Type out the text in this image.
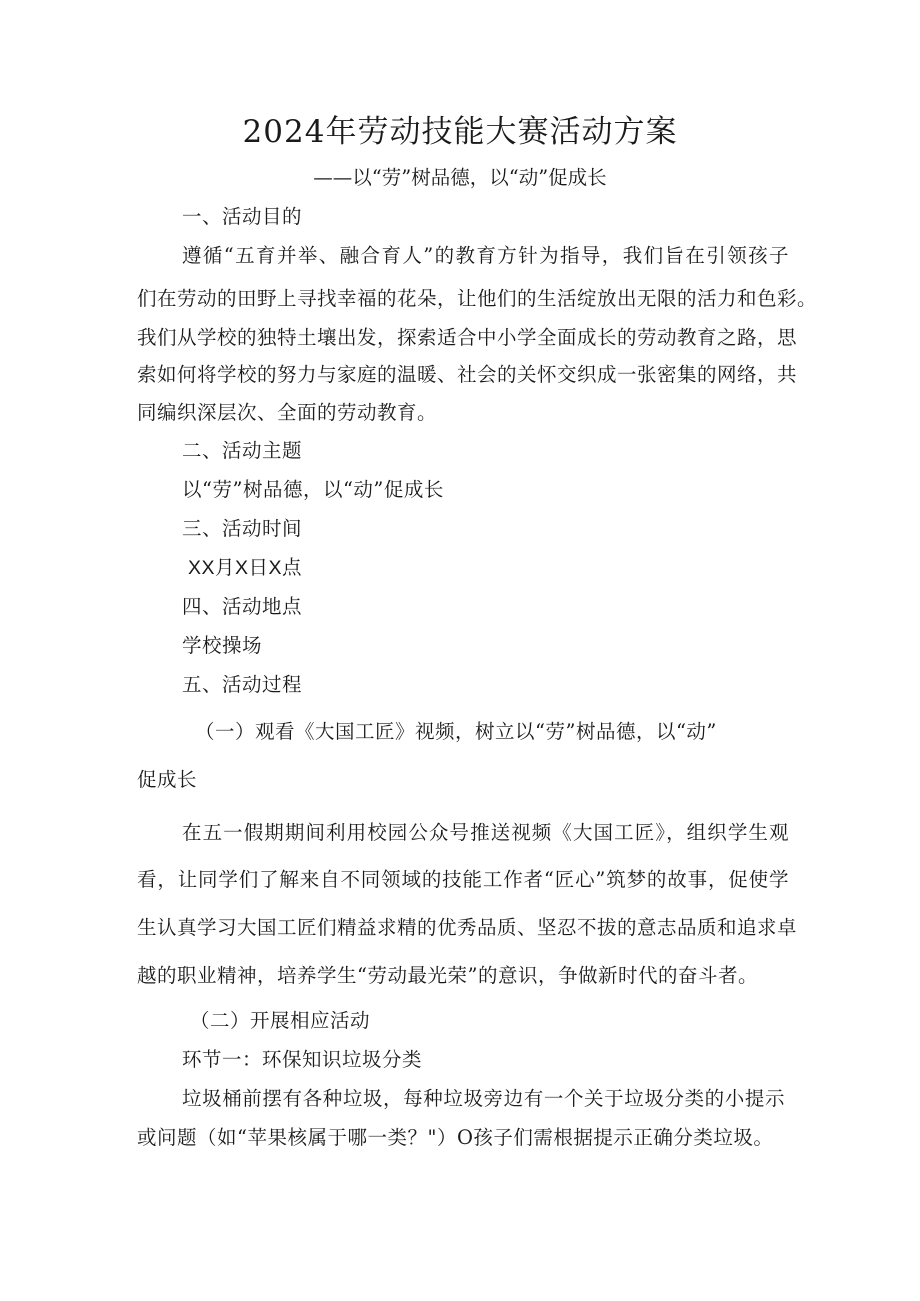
2024年劳动技能大赛活动方案
——以“劳”树品德，以“动”促成长
一、活动目的
遵循“五育并举、融合育人”的教育方针为指导，我们旨在引领孩子
们在劳动的田野上寻找幸福的花朵，让他们的生活绽放出无限的活力和色彩。
我们从学校的独特土壤出发，探索适合中小学全面成长的劳动教育之路，思
索如何将学校的努力与家庭的温暖、社会的关怀交织成一张密集的网络，共
同编织深层次、全面的劳动教育。
二、活动主题
以“劳”树品德，以“动”促成长
三、活动时间
XX月X日X点
四、活动地点
学校操场
五、活动过程
（一）观看《大国工匠》视频，树立以“劳”树品德，以“动”
促成长
在五一假期期间利用校园公众号推送视频《大国工匠》，组织学生观
看，让同学们了解来自不同领域的技能工作者“匠心”筑梦的故事，促使学
生认真学习大国工匠们精益求精的优秀品质、坚忍不拔的意志品质和追求卓
越的职业精神，培养学生“劳动最光荣”的意识，争做新时代的奋斗者。
（二）开展相应活动
环节一：环保知识垃圾分类
垃圾桶前摆有各种垃圾，每种垃圾旁边有一个关于垃圾分类的小提示
或问题（如“苹果核属于哪一类？"）O孩子们需根据提示正确分类垃圾。
